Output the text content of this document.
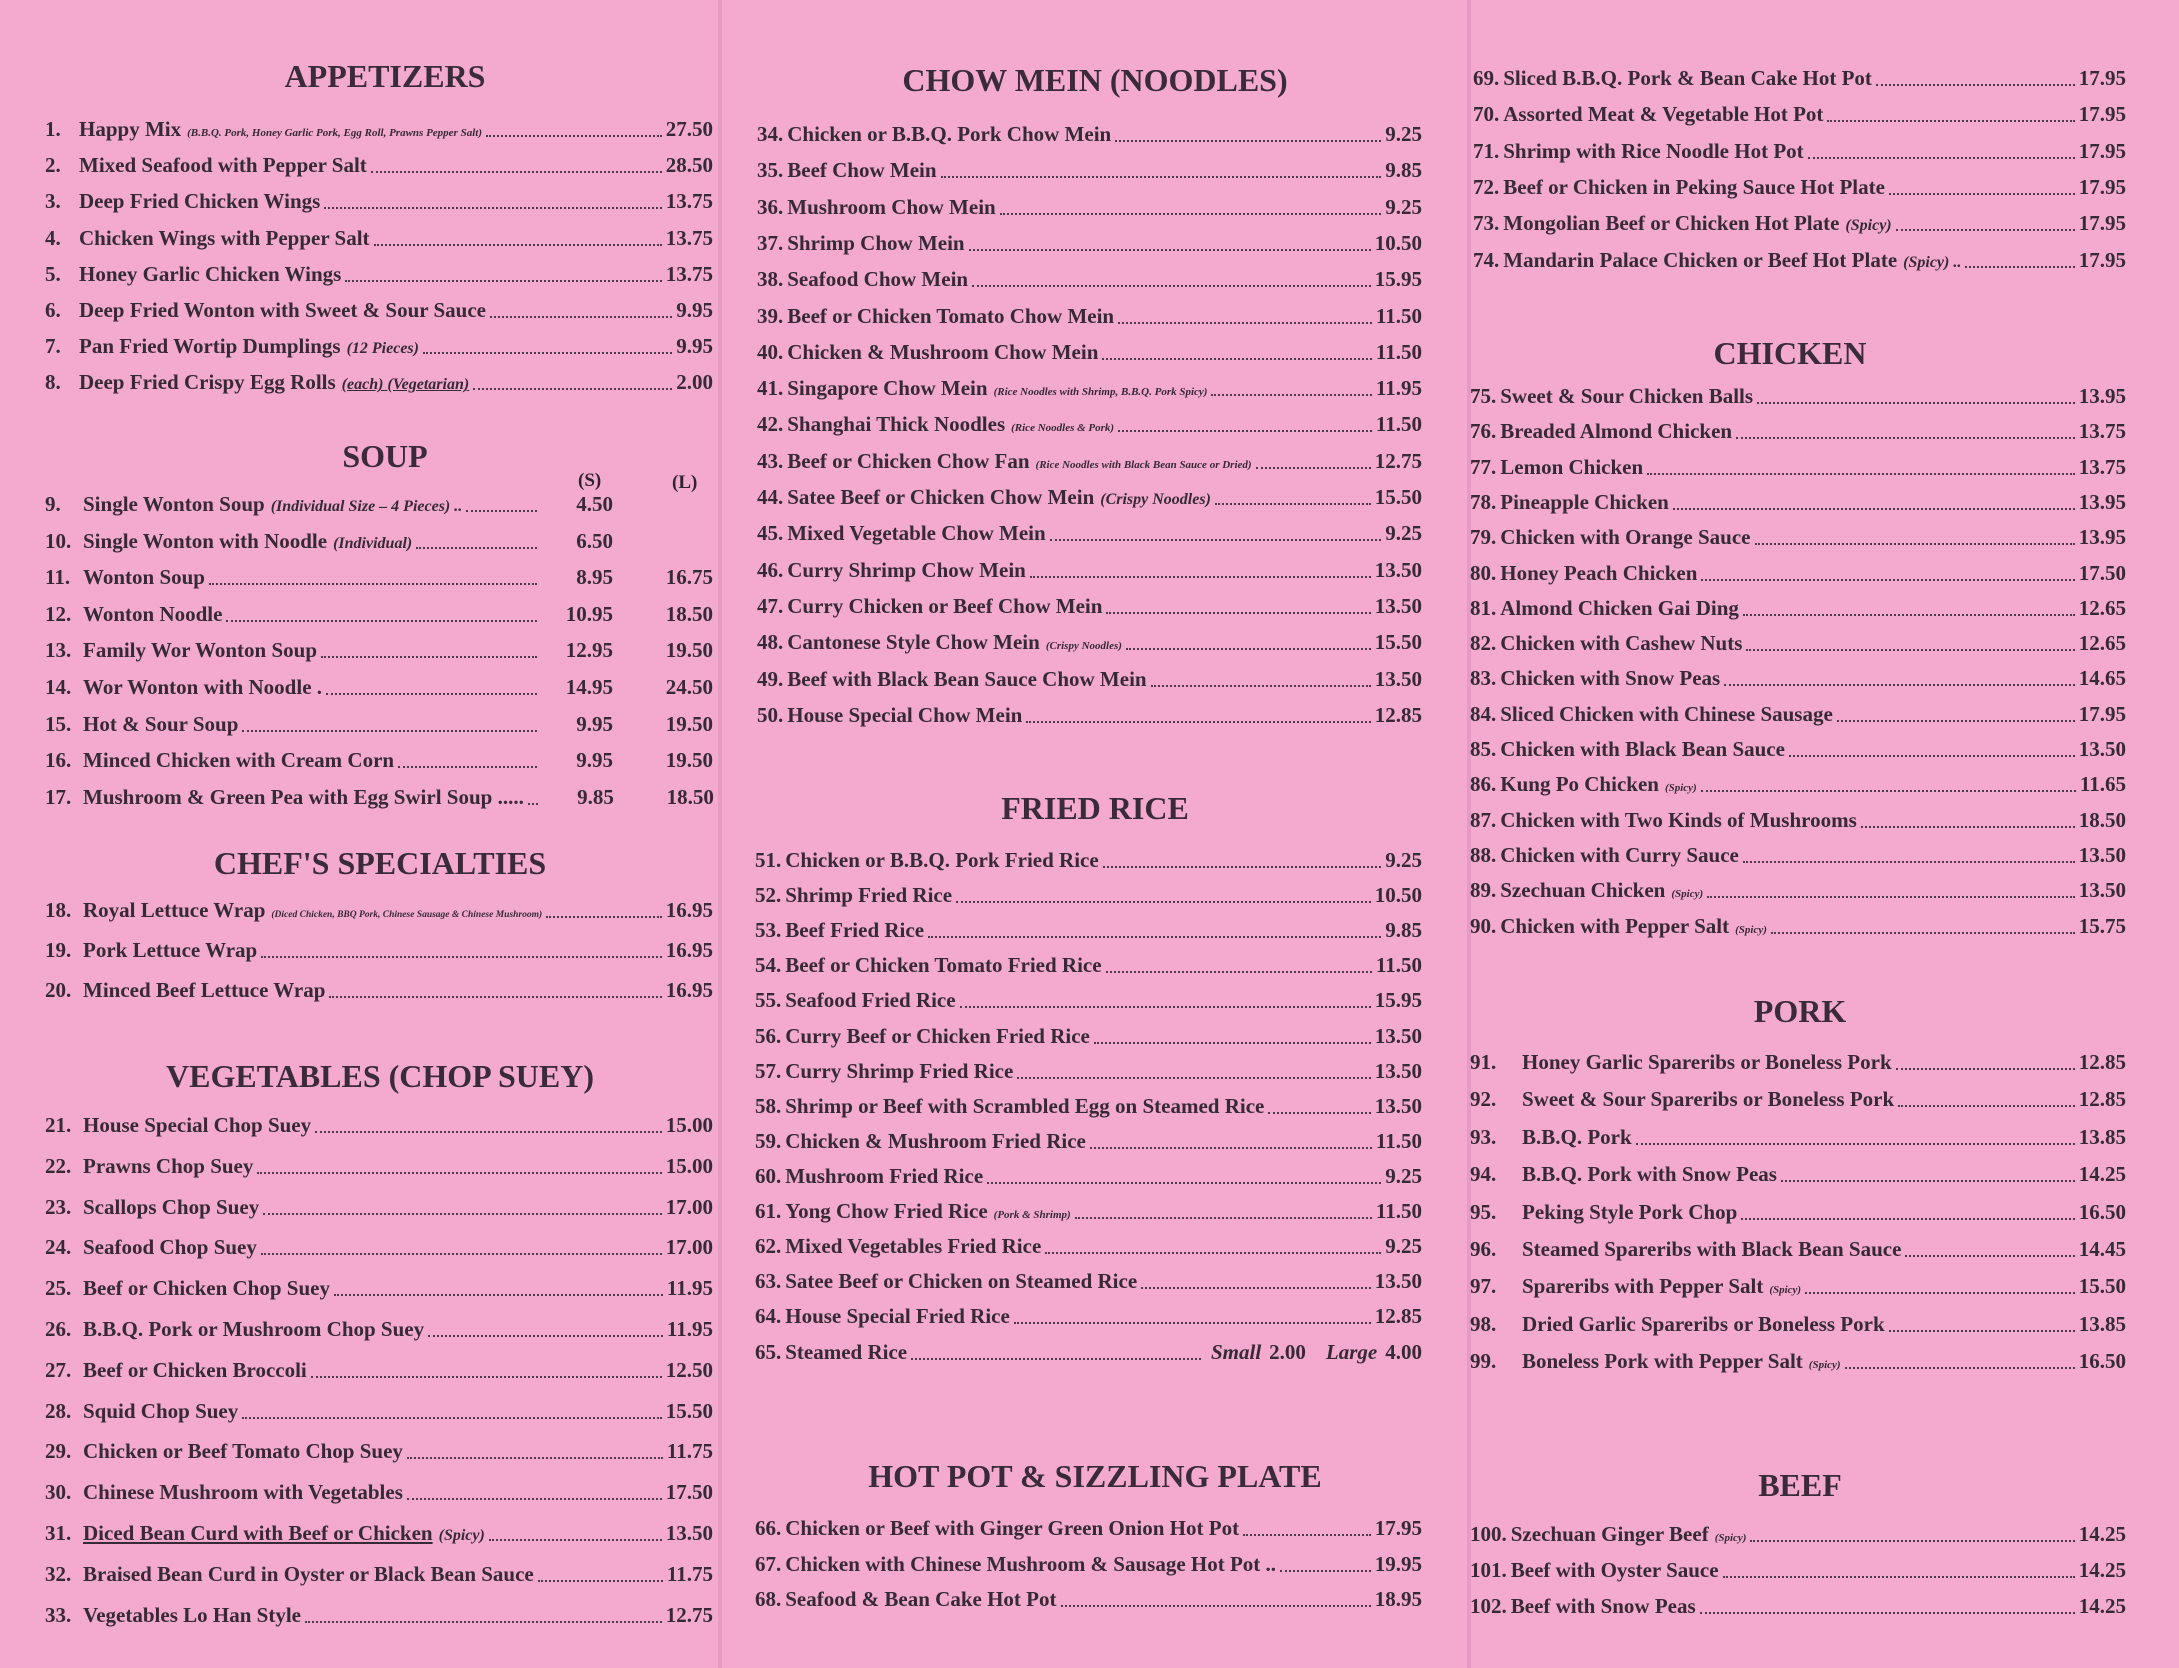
APPETIZERS
1. Happy Mix (B.B.Q. Pork, Honey Garlic Pork, Egg Roll, Prawns Pepper Salt)	27.50
2. Mixed Seafood with Pepper Salt	28.50
3. Deep Fried Chicken Wings	13.75
4. Chicken Wings with Pepper Salt	13.75
5. Honey Garlic Chicken Wings	13.75
6. Deep Fried Wonton with Sweet & Sour Sauce	9.95
7. Pan Fried Wortip Dumplings (12 Pieces)	9.95
8. Deep Fried Crispy Egg Rolls (each) (Vegetarian)	2.00
SOUP
(S)	(L)
9.	Single Wonton Soup (Individual Size – 4 Pieces) ..	4.50
10. Single Wonton with Noodle (Individual)	6.50
11. Wonton Soup	8.95	16.75
12. Wonton Noodle	10.95	18.50
13. Family Wor Wonton Soup	12.95	19.50
14. Wor Wonton with Noodle .	14.95	24.50
15. Hot & Sour Soup	9.95	19.50
16. Minced Chicken with Cream Corn	9.95	19.50
17. Mushroom & Green Pea with Egg Swirl Soup .....	9.85	18.50
CHEF'S SPECIALTIES
18. Royal Lettuce Wrap (Diced Chicken, BBQ Pork, Chinese Sausage & Chinese Mushroom)	16.95
19. Pork Lettuce Wrap	16.95
20. Minced Beef Lettuce Wrap	16.95
VEGETABLES (CHOP SUEY)
21. House Special Chop Suey	15.00
22. Prawns Chop Suey	15.00
23. Scallops Chop Suey	17.00
24. Seafood Chop Suey	17.00
25. Beef or Chicken Chop Suey	11.95
26. B.B.Q. Pork or Mushroom Chop Suey	11.95
27. Beef or Chicken Broccoli	12.50
28. Squid Chop Suey	15.50
29. Chicken or Beef Tomato Chop Suey	11.75
30. Chinese Mushroom with Vegetables	17.50
31. Diced Bean Curd with Beef or Chicken (Spicy)	13.50
32. Braised Bean Curd in Oyster or Black Bean Sauce	11.75
33. Vegetables Lo Han Style	12.75
CHOW MEIN (NOODLES)
34. Chicken or B.B.Q. Pork Chow Mein	9.25
35. Beef Chow Mein	9.85
36. Mushroom Chow Mein	9.25
37. Shrimp Chow Mein	10.50
38. Seafood Chow Mein	15.95
39. Beef or Chicken Tomato Chow Mein	11.50
40. Chicken & Mushroom Chow Mein	11.50
41. Singapore Chow Mein (Rice Noodles with Shrimp, B.B.Q. Pork Spicy)	11.95
42. Shanghai Thick Noodles (Rice Noodles & Pork)	11.50
43. Beef or Chicken Chow Fan (Rice Noodles with Black Bean Sauce or Dried)	12.75
44. Satee Beef or Chicken Chow Mein (Crispy Noodles)	15.50
45. Mixed Vegetable Chow Mein	9.25
46. Curry Shrimp Chow Mein	13.50
47. Curry Chicken or Beef Chow Mein	13.50
48. Cantonese Style Chow Mein (Crispy Noodles)	15.50
49. Beef with Black Bean Sauce Chow Mein	13.50
50. House Special Chow Mein	12.85
FRIED RICE
51. Chicken or B.B.Q. Pork Fried Rice	9.25
52. Shrimp Fried Rice	10.50
53. Beef Fried Rice	9.85
54. Beef or Chicken Tomato Fried Rice	11.50
55. Seafood Fried Rice	15.95
56. Curry Beef or Chicken Fried Rice	13.50
57. Curry Shrimp Fried Rice	13.50
58. Shrimp or Beef with Scrambled Egg on Steamed Rice	13.50
59. Chicken & Mushroom Fried Rice	11.50
60. Mushroom Fried Rice	9.25
61. Yong Chow Fried Rice (Pork & Shrimp)	11.50
62. Mixed Vegetables Fried Rice	9.25
63. Satee Beef or Chicken on Steamed Rice	13.50
64. House Special Fried Rice	12.85
65. Steamed Rice	Small 2.00 Large 4.00
HOT POT & SIZZLING PLATE
66. Chicken or Beef with Ginger Green Onion Hot Pot	17.95
67. Chicken with Chinese Mushroom & Sausage Hot Pot ..	19.95
68. Seafood & Bean Cake Hot Pot	18.95
69. Sliced B.B.Q. Pork & Bean Cake Hot Pot	17.95
70. Assorted Meat & Vegetable Hot Pot	17.95
71. Shrimp with Rice Noodle Hot Pot	17.95
72. Beef or Chicken in Peking Sauce Hot Plate	17.95
73. Mongolian Beef or Chicken Hot Plate (Spicy)	17.95
74. Mandarin Palace Chicken or Beef Hot Plate (Spicy) ..	17.95
CHICKEN
75. Sweet & Sour Chicken Balls	13.95
76. Breaded Almond Chicken	13.75
77. Lemon Chicken	13.75
78. Pineapple Chicken	13.95
79. Chicken with Orange Sauce	13.95
80. Honey Peach Chicken	17.50
81. Almond Chicken Gai Ding	12.65
82. Chicken with Cashew Nuts	12.65
83. Chicken with Snow Peas	14.65
84. Sliced Chicken with Chinese Sausage	17.95
85. Chicken with Black Bean Sauce	13.50
86. Kung Po Chicken (Spicy)	11.65
87. Chicken with Two Kinds of Mushrooms	18.50
88. Chicken with Curry Sauce	13.50
89. Szechuan Chicken (Spicy)	13.50
90. Chicken with Pepper Salt (Spicy)	15.75
PORK
91.	Honey Garlic Spareribs or Boneless Pork	12.85
92.	Sweet & Sour Spareribs or Boneless Pork	12.85
93.	B.B.Q. Pork	13.85
94.	B.B.Q. Pork with Snow Peas	14.25
95.	Peking Style Pork Chop	16.50
96.	Steamed Spareribs with Black Bean Sauce	14.45
97.	Spareribs with Pepper Salt (Spicy)	15.50
98.	Dried Garlic Spareribs or Boneless Pork	13.85
99.	Boneless Pork with Pepper Salt (Spicy)	16.50
BEEF
100. Szechuan Ginger Beef (Spicy)	14.25
101. Beef with Oyster Sauce	14.25
102. Beef with Snow Peas	14.25
